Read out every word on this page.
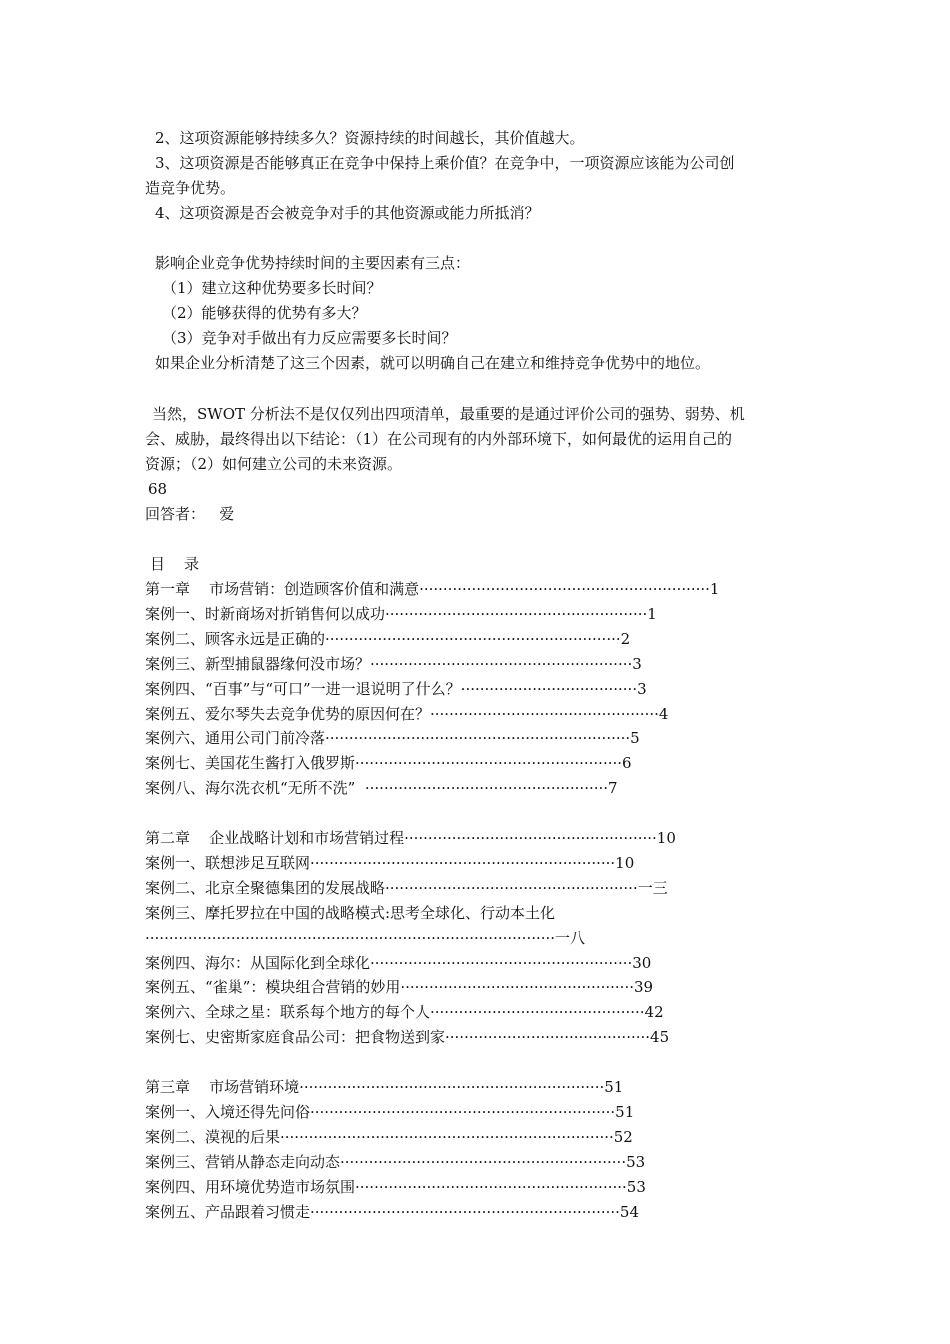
2、这项资源能够持续多久？资源持续的时间越长，其价值越大。
3、这项资源是否能够真正在竞争中保持上乘价值？在竞争中，一项资源应该能为公司创
造竞争优势。
4、这项资源是否会被竞争对手的其他资源或能力所抵消？
影响企业竞争优势持续时间的主要因素有三点：
（1）建立这种优势要多长时间？
（2）能够获得的优势有多大？
（3）竞争对手做出有力反应需要多长时间？
如果企业分析清楚了这三个因素，就可以明确自己在建立和维持竞争优势中的地位。
当然，SWOT 分析法不是仅仅列出四项清单，最重要的是通过评价公司的强势、弱势、机
会、威胁，最终得出以下结论：（1）在公司现有的内外部环境下，如何最优的运用自己的
资源；（2）如何建立公司的未来资源。
68
回答者：   爱
目    录
第一章    市场营销：创造顾客价值和满意·····························································1
案例一、时新商场对折销售何以成功·······················································1
案例二、顾客永远是正确的······························································2
案例三、新型捕鼠器缘何没市场？·······················································3
案例四、“百事”与“可口”一进一退说明了什么？·····································3
案例五、爱尔琴失去竞争优势的原因何在？················································4
案例六、通用公司门前冷落································································5
案例七、美国花生酱打入俄罗斯························································6
案例八、海尔洗衣机“无所不洗”  ···················································7
第二章    企业战略计划和市场营销过程·····················································10
案例一、联想涉足互联网································································10
案例二、北京全聚德集团的发展战略·····················································一三
案例三、摩托罗拉在中国的战略模式:思考全球化、行动本土化
······················································································一八
案例四、海尔：从国际化到全球化·······················································30
案例五、“雀巢”：模块组合营销的妙用·················································39
案例六、全球之星：联系每个地方的每个人·············································42
案例七、史密斯家庭食品公司：把食物送到家···········································45
第三章    市场营销环境································································51
案例一、入境还得先问俗································································51
案例二、漠视的后果······································································52
案例三、营销从静态走向动态····························································53
案例四、用环境优势造市场氛围·························································53
案例五、产品跟着习惯走·································································54
